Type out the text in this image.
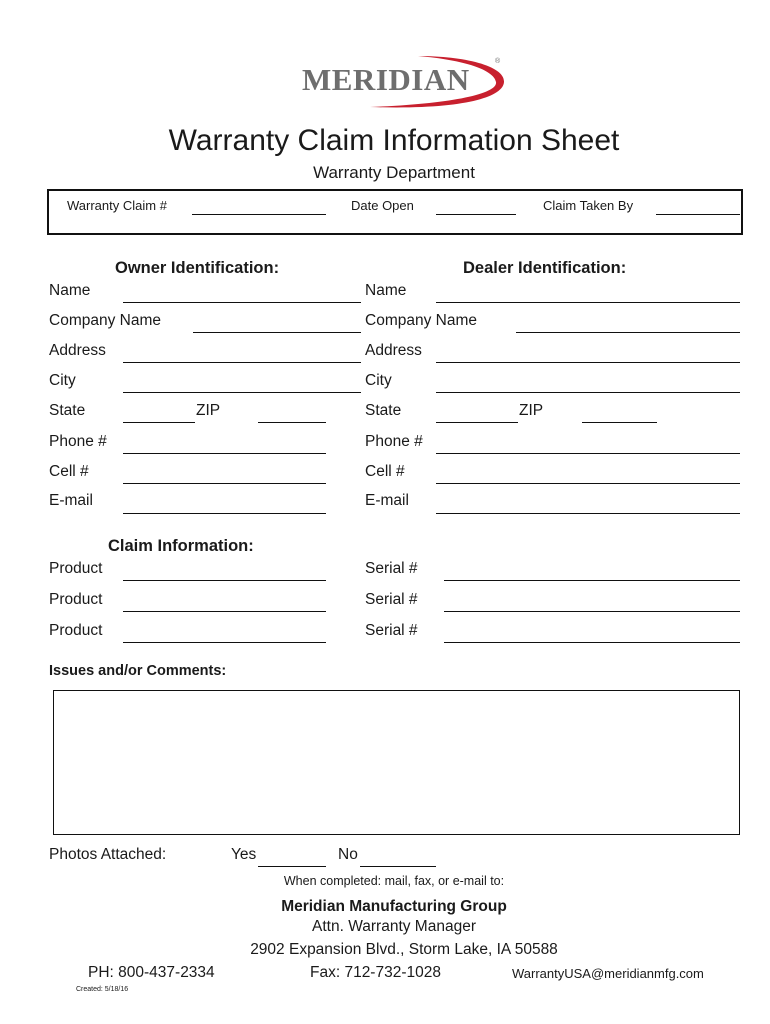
MERIDIAN
®
Warranty Claim Information Sheet
Warranty Department
Warranty Claim #	Date Open	Claim Taken By
Owner Identification:	Dealer Identification:
Name
Company Name
Address
City
State	ZIP
Phone #
Cell #
E-mail
Name
Company Name
Address
City
State	ZIP
Phone #
Cell #
E-mail
Claim Information:
Product	Serial #
Product	Serial #
Product	Serial #
Issues and/or Comments:
Photos Attached:	Yes	No
When completed: mail, fax, or e-mail to:
Meridian Manufacturing Group
Attn. Warranty Manager
2902 Expansion Blvd., Storm Lake, IA 50588
PH: 800-437-2334	Fax: 712-732-1028	WarrantyUSA@meridianmfg.com
Created: 5/18/16
